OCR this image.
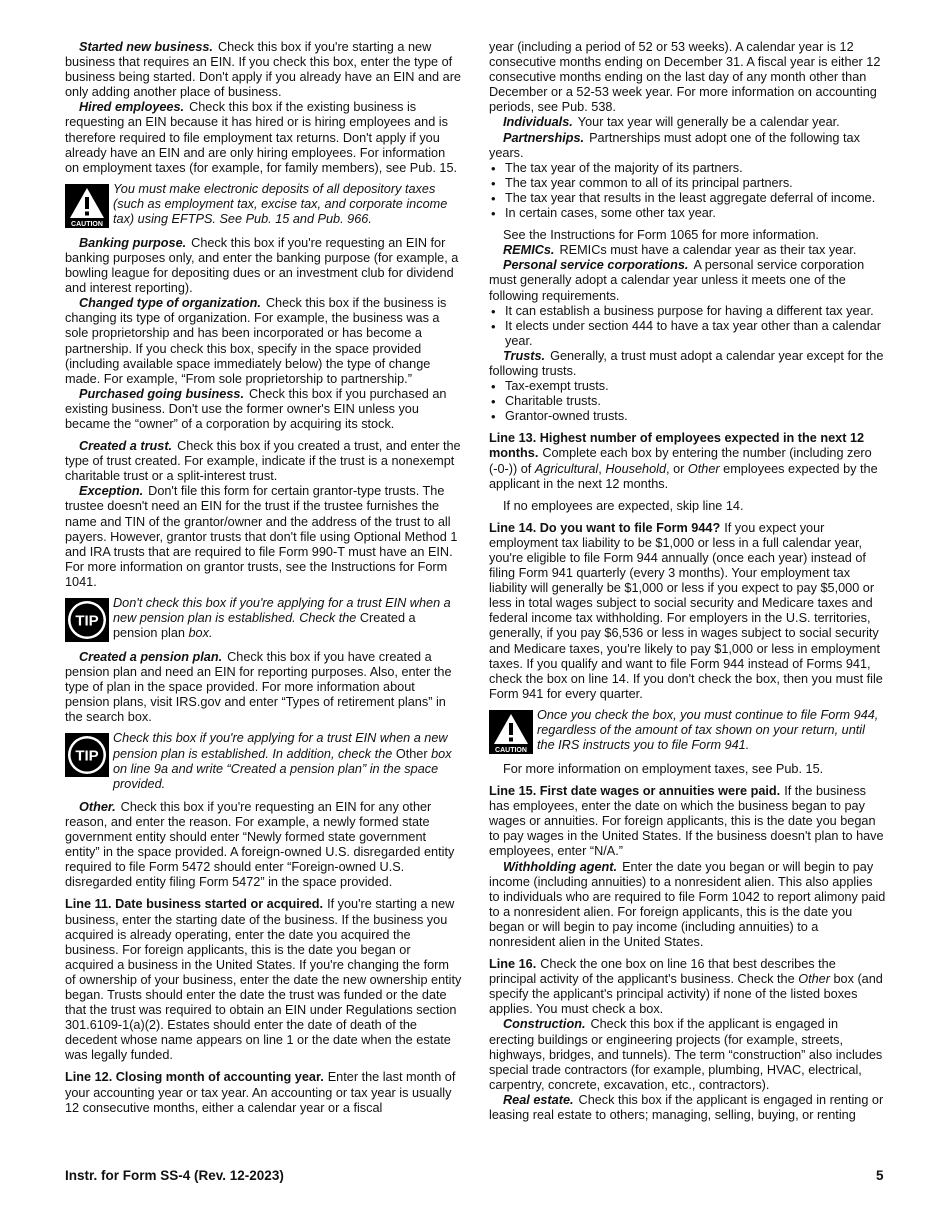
Started new business. Check this box if you're starting a new business that requires an EIN. If you check this box, enter the type of business being started. Don't apply if you already have an EIN and are only adding another place of business.

Hired employees. Check this box if the existing business is requesting an EIN because it has hired or is hiring employees and is therefore required to file employment tax returns. Don't apply if you already have an EIN and are only hiring employees. For information on employment taxes (for example, for family members), see Pub. 15.

CAUTION
You must make electronic deposits of all depository taxes (such as employment tax, excise tax, and corporate income tax) using EFTPS. See Pub. 15 and Pub. 966.

Banking purpose. Check this box if you're requesting an EIN for banking purposes only, and enter the banking purpose (for example, a bowling league for depositing dues or an investment club for dividend and interest reporting).

Changed type of organization. Check this box if the business is changing its type of organization. For example, the business was a sole proprietorship and has been incorporated or has become a partnership. If you check this box, specify in the space provided (including available space immediately below) the type of change made. For example, “From sole proprietorship to partnership.”

Purchased going business. Check this box if you purchased an existing business. Don't use the former owner's EIN unless you became the “owner” of a corporation by acquiring its stock.

Created a trust. Check this box if you created a trust, and enter the type of trust created. For example, indicate if the trust is a nonexempt charitable trust or a split-interest trust.

Exception. Don't file this form for certain grantor-type trusts. The trustee doesn't need an EIN for the trust if the trustee furnishes the name and TIN of the grantor/owner and the address of the trust to all payers. However, grantor trusts that don't file using Optional Method 1 and IRA trusts that are required to file Form 990-T must have an EIN. For more information on grantor trusts, see the Instructions for Form 1041.

TIP
Don't check this box if you're applying for a trust EIN when a new pension plan is established. Check the Created a pension plan box.

Created a pension plan. Check this box if you have created a pension plan and need an EIN for reporting purposes. Also, enter the type of plan in the space provided. For more information about pension plans, visit IRS.gov and enter “Types of retirement plans” in the search box.

TIP
Check this box if you're applying for a trust EIN when a new pension plan is established. In addition, check the Other box on line 9a and write “Created a pension plan” in the space provided.

Other. Check this box if you're requesting an EIN for any other reason, and enter the reason. For example, a newly formed state government entity should enter “Newly formed state government entity” in the space provided. A foreign-owned U.S. disregarded entity required to file Form 5472 should enter “Foreign-owned U.S. disregarded entity filing Form 5472” in the space provided.

Line 11. Date business started or acquired. If you're starting a new business, enter the starting date of the business. If the business you acquired is already operating, enter the date you acquired the business. For foreign applicants, this is the date you began or acquired a business in the United States. If you're changing the form of ownership of your business, enter the date the new ownership entity began. Trusts should enter the date the trust was funded or the date that the trust was required to obtain an EIN under Regulations section 301.6109-1(a)(2). Estates should enter the date of death of the decedent whose name appears on line 1 or the date when the estate was legally funded.

Line 12. Closing month of accounting year. Enter the last month of your accounting year or tax year. An accounting or tax year is usually 12 consecutive months, either a calendar year or a fiscal

year (including a period of 52 or 53 weeks). A calendar year is 12 consecutive months ending on December 31. A fiscal year is either 12 consecutive months ending on the last day of any month other than December or a 52-53 week year. For more information on accounting periods, see Pub. 538.

Individuals. Your tax year will generally be a calendar year.

Partnerships. Partnerships must adopt one of the following tax years.

• The tax year of the majority of its partners.
• The tax year common to all of its principal partners.
• The tax year that results in the least aggregate deferral of income.
• In certain cases, some other tax year.

See the Instructions for Form 1065 for more information.

REMICs. REMICs must have a calendar year as their tax year.

Personal service corporations. A personal service corporation must generally adopt a calendar year unless it meets one of the following requirements.

• It can establish a business purpose for having a different tax year.
• It elects under section 444 to have a tax year other than a calendar year.

Trusts. Generally, a trust must adopt a calendar year except for the following trusts.

• Tax-exempt trusts.
• Charitable trusts.
• Grantor-owned trusts.

Line 13. Highest number of employees expected in the next 12 months. Complete each box by entering the number (including zero (-0-)) of Agricultural, Household, or Other employees expected by the applicant in the next 12 months.

If no employees are expected, skip line 14.

Line 14. Do you want to file Form 944? If you expect your employment tax liability to be $1,000 or less in a full calendar year, you're eligible to file Form 944 annually (once each year) instead of filing Form 941 quarterly (every 3 months). Your employment tax liability will generally be $1,000 or less if you expect to pay $5,000 or less in total wages subject to social security and Medicare taxes and federal income tax withholding. For employers in the U.S. territories, generally, if you pay $6,536 or less in wages subject to social security and Medicare taxes, you're likely to pay $1,000 or less in employment taxes. If you qualify and want to file Form 944 instead of Forms 941, check the box on line 14. If you don't check the box, then you must file Form 941 for every quarter.

CAUTION
Once you check the box, you must continue to file Form 944, regardless of the amount of tax shown on your return, until the IRS instructs you to file Form 941.

For more information on employment taxes, see Pub. 15.

Line 15. First date wages or annuities were paid. If the business has employees, enter the date on which the business began to pay wages or annuities. For foreign applicants, this is the date you began to pay wages in the United States. If the business doesn't plan to have employees, enter “N/A.”

Withholding agent. Enter the date you began or will begin to pay income (including annuities) to a nonresident alien. This also applies to individuals who are required to file Form 1042 to report alimony paid to a nonresident alien. For foreign applicants, this is the date you began or will begin to pay income (including annuities) to a nonresident alien in the United States.

Line 16. Check the one box on line 16 that best describes the principal activity of the applicant's business. Check the Other box (and specify the applicant's principal activity) if none of the listed boxes applies. You must check a box.

Construction. Check this box if the applicant is engaged in erecting buildings or engineering projects (for example, streets, highways, bridges, and tunnels). The term “construction” also includes special trade contractors (for example, plumbing, HVAC, electrical, carpentry, concrete, excavation, etc., contractors).

Real estate. Check this box if the applicant is engaged in renting or leasing real estate to others; managing, selling, buying, or renting

Instr. for Form SS-4 (Rev. 12-2023)	5
